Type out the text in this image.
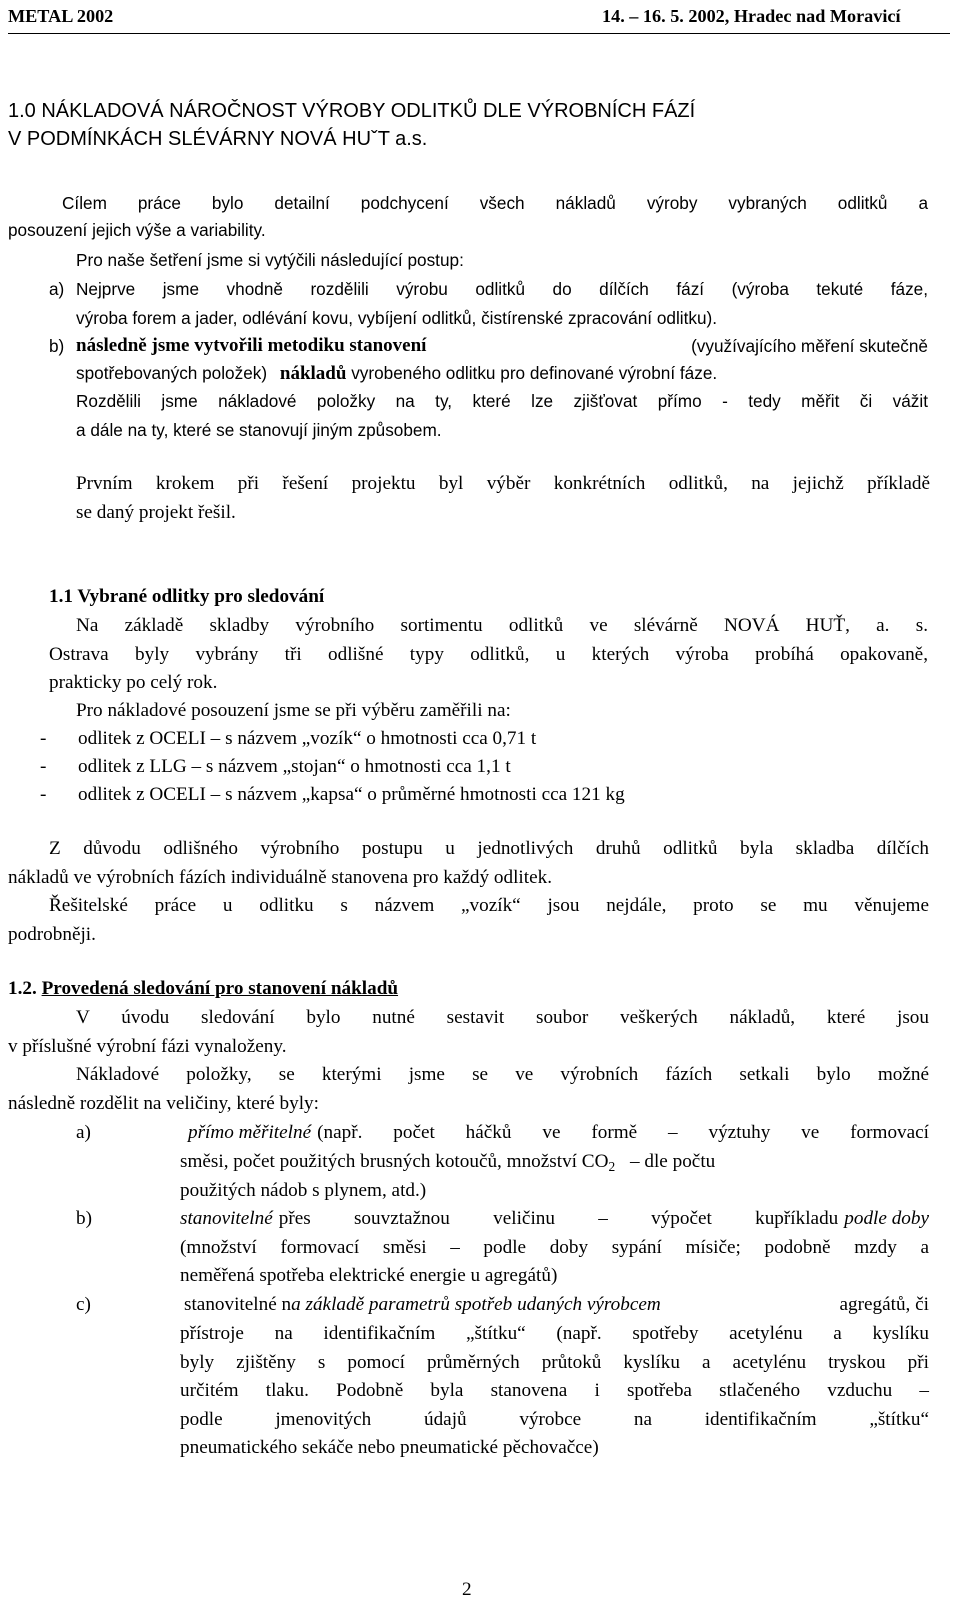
METAL 2002	14. – 16. 5. 2002, Hradec nad Moravicí
1.0 NÁKLADOVÁ NÁROČNOST VÝROBY ODLITKŮ DLE VÝROBNÍCH FÁZÍ
V PODMÍNKÁCH SLÉVÁRNY NOVÁ HUˇT a.s.
Cílem práce bylo detailní podchycení všech nákladů výroby vybraných odlitků a
posouzení jejich výše a variability.
Pro naše šetření jsme si vytýčili následující postup:
a) Nejprve jsme vhodně rozdělili výrobu odlitků do dílčích fází (výroba tekuté fáze,
výroba forem a jader, odlévání kovu, vybíjení odlitků, čistírenské zpracování odlitku).
b) následně jsme vytvořili metodiku stanovení	(využívajícího měření skutečně
spotřebovaných položek) nákladů vyrobeného odlitku pro definované výrobní fáze.
Rozdělili jsme nákladové položky na ty, které lze zjišťovat přímo - tedy měřit či vážit
a dále na ty, které se stanovují jiným způsobem.
Prvním krokem při řešení projektu byl výběr konkrétních odlitků, na jejichž příkladě
se daný projekt řešil.
1.1 Vybrané odlitky pro sledování
Na základě skladby výrobního sortimentu odlitků ve slévárně NOVÁ HUŤ, a. s.
Ostrava byly vybrány tři odlišné typy odlitků, u kterých výroba probíhá opakovaně,
prakticky po celý rok.
Pro nákladové posouzení jsme se při výběru zaměřili na:
- odlitek z OCELI – s názvem „vozík“ o hmotnosti cca 0,71 t
- odlitek z LLG – s názvem „stojan“ o hmotnosti cca 1,1 t
- odlitek z OCELI – s názvem „kapsa“ o průměrné hmotnosti cca 121 kg
Z důvodu odlišného výrobního postupu u jednotlivých druhů odlitků byla skladba dílčích
nákladů ve výrobních fázích individuálně stanovena pro každý odlitek.
Řešitelské práce u odlitku s názvem „vozík“ jsou nejdále, proto se mu věnujeme
podrobněji.
1.2. Provedená sledování pro stanovení nákladů
V úvodu sledování bylo nutné sestavit soubor veškerých nákladů, které jsou
v příslušné výrobní fázi vynaloženy.
Nákladové položky, se kterými jsme se ve výrobních fázích setkali bylo možné
následně rozdělit na veličiny, které byly:
a)	přímo měřitelné (např. počet háčků ve formě – výztuhy ve formovací
směsi, počet použitých brusných kotoučů, množství $CO_2$ – dle počtu
použitých nádob s plynem, atd.)
b)	stanovitelné přes souvztažnou veličinu – výpočet kupříkladu podle doby
(množství formovací směsi – podle doby sypání mísiče; podobně mzdy a
neměřená spotřeba elektrické energie u agregátů)
c)	stanovitelné na základě parametrů spotřeb udaných výrobcem	agregátů, či
přístroje na identifikačním „štítku“ (např. spotřeby acetylénu a kyslíku
byly zjištěny s pomocí průměrných průtoků kyslíku a acetylénu tryskou při
určitém tlaku. Podobně byla stanovena i spotřeba stlačeného vzduchu –
podle jmenovitých údajů výrobce na identifikačním „štítku“
pneumatického sekáče nebo pneumatické pěchovačce)
2
